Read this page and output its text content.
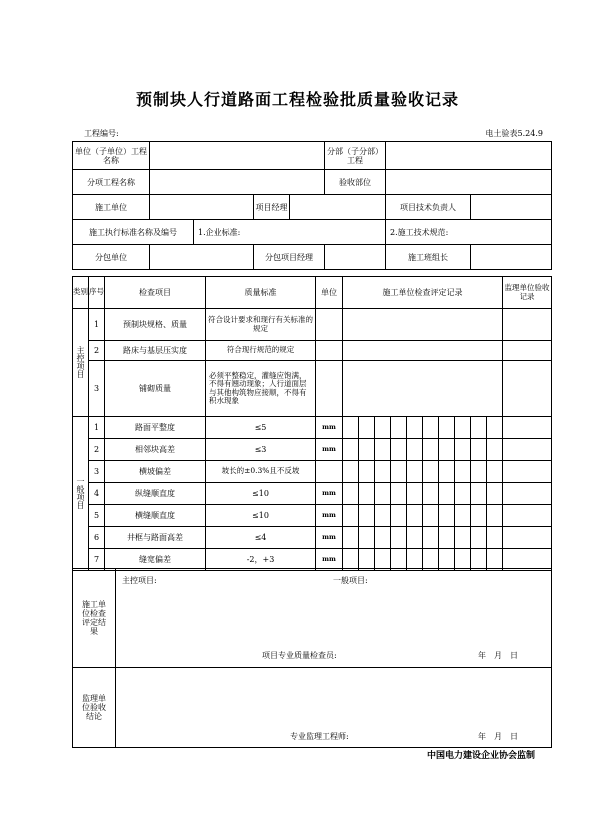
预制块人行道路面工程检验批质量验收记录
工程编号:	电土验表5.24.9
单位（子单位）工程名称					分部（子分部）工程		
分项工程名称					验收部位		
施工单位			项目经理			项目技术负责人	
施工执行标准名称及编号		1.企业标准:				2.施工技术规范:	
分包单位			分包项目经理			施工班组长	
类别	序号	检查项目	质量标准	单位	施工单位检查评定记录										监理单位验收记录
主控项目	1	预制块规格、质量	符合设计要求和现行有关标准的规定												
	2	路床与基层压实度	符合现行规范的规定												
	3	铺砌质量	必须平整稳定，灌缝应饱满，不得有翘动现象；人行道面层与其他构筑物应接顺，不得有积水现象												
一般项目	1	路面平整度	≤5	mm											
	2	相邻块高差	≤3	mm											
	3	横坡偏差	坡长的±0.3%且不反坡												
	4	纵缝顺直度	≤10	mm											
	5	横缝顺直度	≤10	mm											
	6	井框与路面高差	≤4	mm											
	7	缝宽偏差	-2，+3	mm											
施工单位检查评定结果	主控项目: 一般项目:
项目专业质量检查员: 年　月　日

监理单位验收结论	专业监理工程师: 年　月　日
中国电力建设企业协会监制
